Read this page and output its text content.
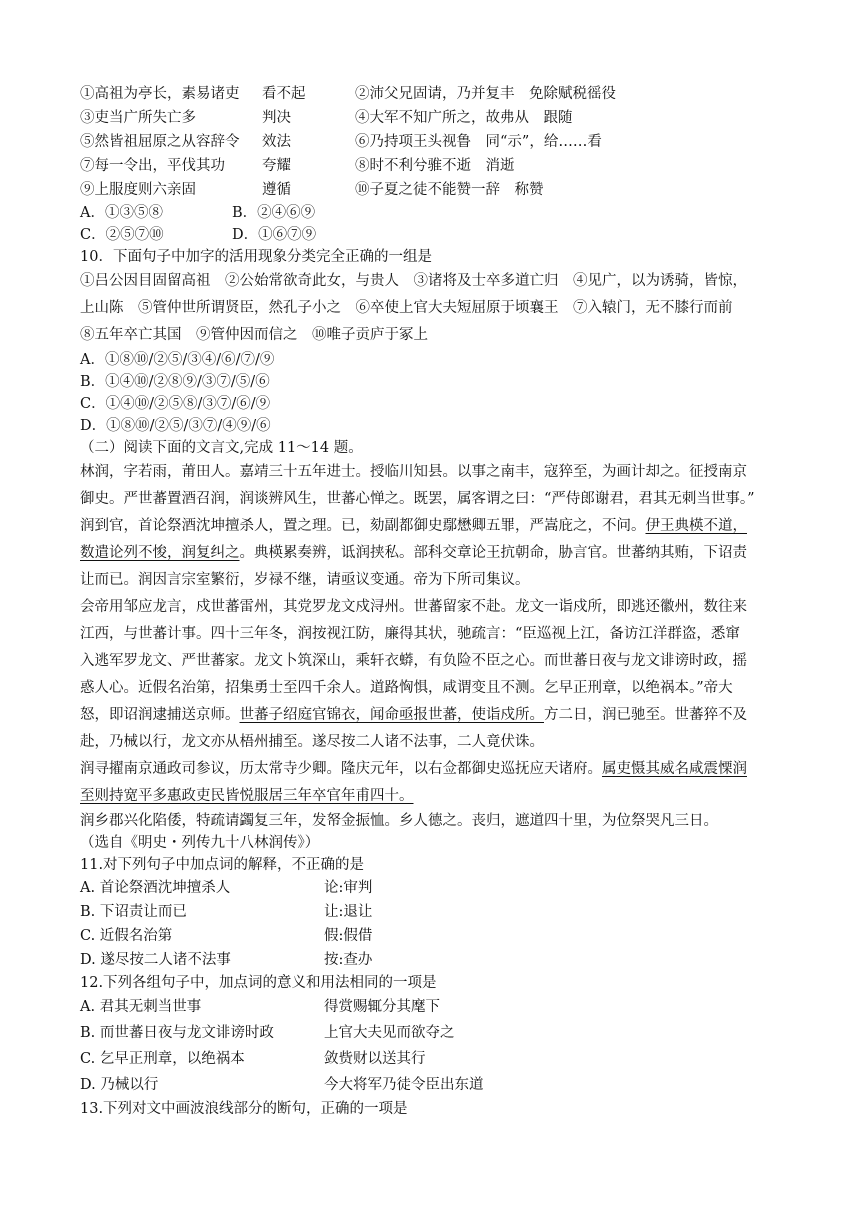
①高祖为亭长，素易诸吏 看不起	②沛父兄固请，乃并复丰　免除赋税徭役
③吏当广所失亡多	判决	④大军不知广所之，故弗从　跟随
⑤然皆祖屈原之从容辞令 效法	⑥乃持项王头视鲁　同“示”，给……看
⑦每一令出，平伐其功	夸耀	⑧时不利兮骓不逝　消逝
⑨上服度则六亲固	遵循	⑩子夏之徒不能赞一辞　称赞
A．①③⑤⑧	B．②④⑥⑨
C．②⑤⑦⑩	D．①⑥⑦⑨
10．下面句子中加字的活用现象分类完全正确的一组是
①吕公因目固留高祖　②公始常欲奇此女，与贵人　③诸将及士卒多道亡归　④见广，以为诱骑，皆惊，
上山陈　⑤管仲世所谓贤臣，然孔子小之　⑥卒使上官大夫短屈原于顷襄王　⑦入辕门，无不膝行而前
⑧五年卒亡其国　⑨管仲因而信之　⑩唯子贡庐于冢上
A．①⑧⑩/②⑤/③④/⑥/⑦/⑨
B．①④⑩/②⑧⑨/③⑦/⑤/⑥
C．①④⑩/②⑤⑧/③⑦/⑥/⑨
D．①⑧⑩/②⑤/③⑦/④⑨/⑥
（二）阅读下面的文言文,完成 11～14 题。
林润，字若雨，莆田人。嘉靖三十五年进士。授临川知县。以事之南丰，寇猝至，为画计却之。征授南京
御史。严世蕃置酒召润，润谈辨风生，世蕃心惮之。既罢，属客谓之曰：“严侍郎谢君，君其无刺当世事。”
润到官，首论祭酒沈坤擅杀人，置之理。已，劾副都御史鄢懋卿五罪，严嵩庇之，不问。伊王典楧不道，
数遣论列不悛，润复纠之。典楧累奏辨，诋润挟私。部科交章论王抗朝命，胁言官。世蕃纳其贿，下诏责
让而已。润因言宗室繁衍，岁禄不继，请亟议变通。帝为下所司集议。
会帝用邹应龙言，戍世蕃雷州，其党罗龙文戍浔州。世蕃留家不赴。龙文一诣戍所，即逃还徽州，数往来
江西，与世蕃计事。四十三年冬，润按视江防，廉得其状，驰疏言：“臣巡视上江，备访江洋群盗，悉窜
入逃军罗龙文、严世蕃家。龙文卜筑深山，乘轩衣蟒，有负险不臣之心。而世蕃日夜与龙文诽谤时政，摇
惑人心。近假名治第，招集勇士至四千余人。道路恟惧，咸谓变且不测。乞早正刑章，以绝祸本。”帝大
怒，即诏润逮捕送京师。世蕃子绍庭官锦衣，闻命亟报世蕃，使诣戍所。方二日，润已驰至。世蕃猝不及
赴，乃械以行，龙文亦从梧州捕至。遂尽按二人诸不法事，二人竟伏诛。
润寻擢南京通政司参议，历太常寺少卿。隆庆元年，以右佥都御史巡抚应天诸府。属吏慑其威名咸震慄润
至则持宽平多惠政吏民皆悦服居三年卒官年甫四十。
润乡郡兴化陷倭，特疏请蠲复三年，发帑金振恤。乡人德之。丧归，遮道四十里，为位祭哭凡三日。
（选自《明史・列传九十八林润传》）
11.对下列句子中加点词的解释，不正确的是
A. 首论祭酒沈坤擅杀人	论:审判
B. 下诏责让而已	让:退让
C. 近假名治第	假:假借
D. 遂尽按二人诸不法事	按:查办
12.下列各组句子中，加点词的意义和用法相同的一项是
A. 君其无刺当世事	得赏赐辄分其麾下
B. 而世蕃日夜与龙文诽谤时政	上官大夫见而欲夺之
C. 乞早正刑章，以绝祸本	敛赀财以送其行
D. 乃械以行	今大将军乃徒令臣出东道
13.下列对文中画波浪线部分的断句，正确的一项是
